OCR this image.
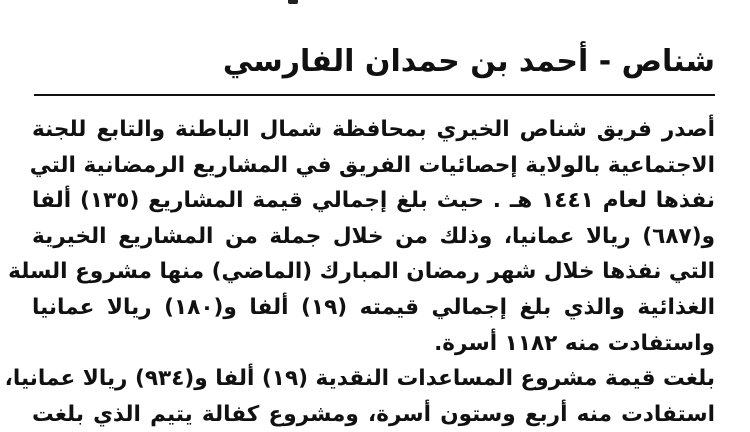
شناص - أحمد بن حمدان الفارسي
أصدر فريق شناص الخيري بمحافظة شمال الباطنة والتابع للجنة
الاجتماعية بالولاية إحصائيات الفريق في المشاريع الرمضانية التي
نفذها لعام ١٤٤١ هـ . حيث بلغ إجمالي قيمة المشاريع (١٣٥) ألفا
و(٦٨٧) ريالا عمانيا، وذلك من خلال جملة من المشاريع الخيرية
التي نفذها خلال شهر رمضان المبارك (الماضي) منها مشروع السلة
الغذائية والذي بلغ إجمالي قيمته (١٩) ألفا و(١٨٠) ريالا عمانيا
واستفادت منه ١١٨٢ أسرة.
بلغت قيمة مشروع المساعدات النقدية (١٩) ألفا و(٩٣٤) ريالا عمانيا،
استفادت منه أربع وستون أسرة، ومشروع كفالة يتيم الذي بلغت
